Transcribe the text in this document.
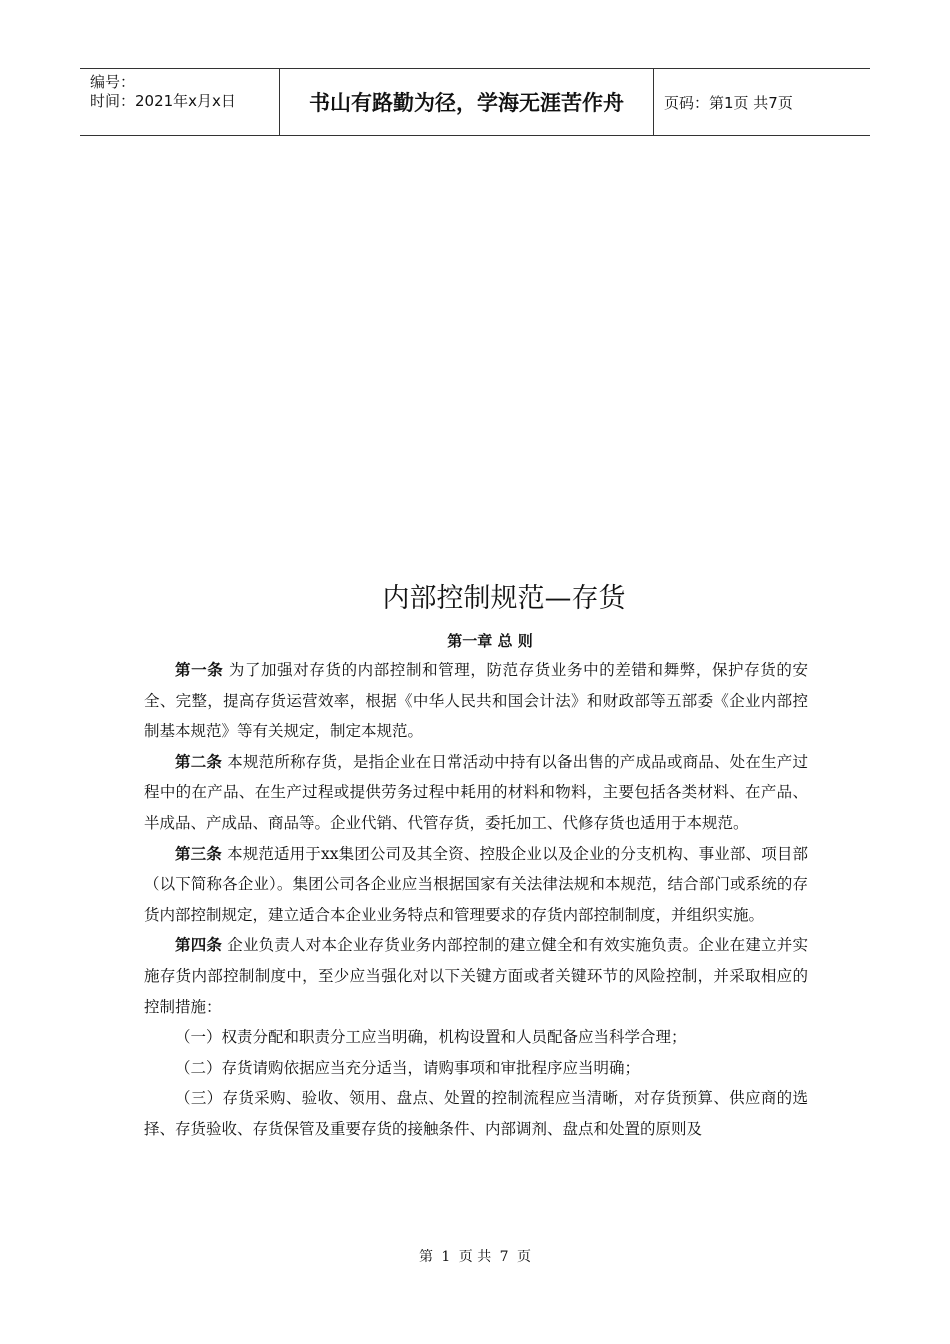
编号：
时间：2021年x月x日	书山有路勤为径，学海无涯苦作舟	页码：第1页 共7页
内部控制规范—存货
第一章 总 则

第一条 为了加强对存货的内部控制和管理，防范存货业务中的差错和舞弊，保护存货的安全、完整，提高存货运营效率，根据《中华人民共和国会计法》和财政部等五部委《企业内部控制基本规范》等有关规定，制定本规范。

第二条 本规范所称存货，是指企业在日常活动中持有以备出售的产成品或商品、处在生产过程中的在产品、在生产过程或提供劳务过程中耗用的材料和物料，主要包括各类材料、在产品、半成品、产成品、商品等。企业代销、代管存货，委托加工、代修存货也适用于本规范。

第三条 本规范适用于xx集团公司及其全资、控股企业以及企业的分支机构、事业部、项目部（以下简称各企业）。集团公司各企业应当根据国家有关法律法规和本规范，结合部门或系统的存货内部控制规定，建立适合本企业业务特点和管理要求的存货内部控制制度，并组织实施。

第四条 企业负责人对本企业存货业务内部控制的建立健全和有效实施负责。企业在建立并实施存货内部控制制度中，至少应当强化对以下关键方面或者关键环节的风险控制，并采取相应的控制措施：

（一）权责分配和职责分工应当明确，机构设置和人员配备应当科学合理；

（二）存货请购依据应当充分适当，请购事项和审批程序应当明确；

（三）存货采购、验收、领用、盘点、处置的控制流程应当清晰，对存货预算、供应商的选择、存货验收、存货保管及重要存货的接触条件、内部调剂、盘点和处置的原则及

第 1 页 共 7 页
